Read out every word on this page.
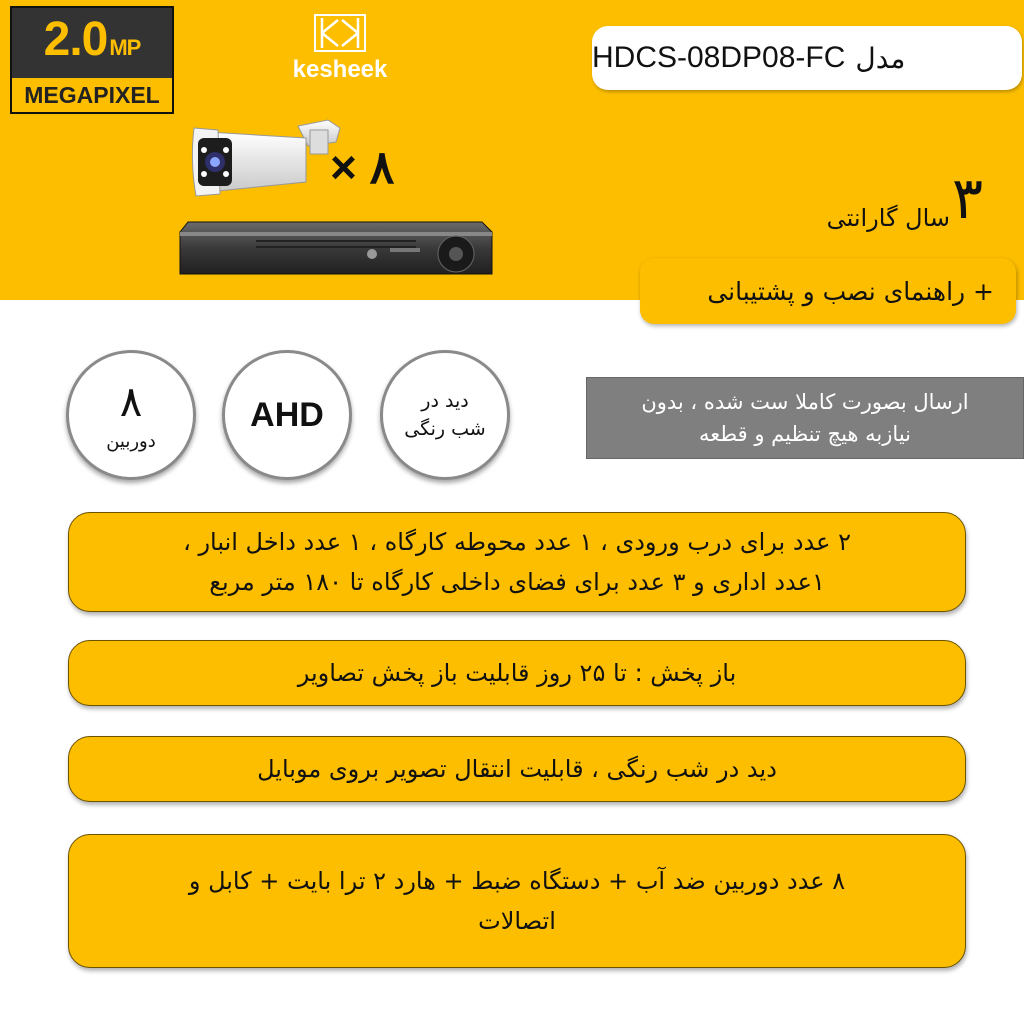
2.0MP
MEGAPIXEL
kesheek	مدل
HDCS-08DP08-FC
× ۸	۳
سال گارانتی
+ راهنمای نصب و پشتیبانی
۸
دوربین
AHD	دید در
شب رنگی
ارسال بصورت کاملا ست شده ، بدون
نیازبه هیچ تنظیم و قطعه
۲ عدد برای درب ورودی ، ۱ عدد محوطه کارگاه ، ۱ عدد داخل انبار ،
۱عدد اداری و ۳ عدد برای فضای داخلی کارگاه تا ۱۸۰ متر مربع
باز پخش : تا ۲۵ روز قابلیت باز پخش تصاویر
دید در شب رنگی ، قابلیت انتقال تصویر بروی موبایل
۸ عدد دوربین ضد آب + دستگاه ضبط + هارد ۲ ترا بایت + کابل و
اتصالات
